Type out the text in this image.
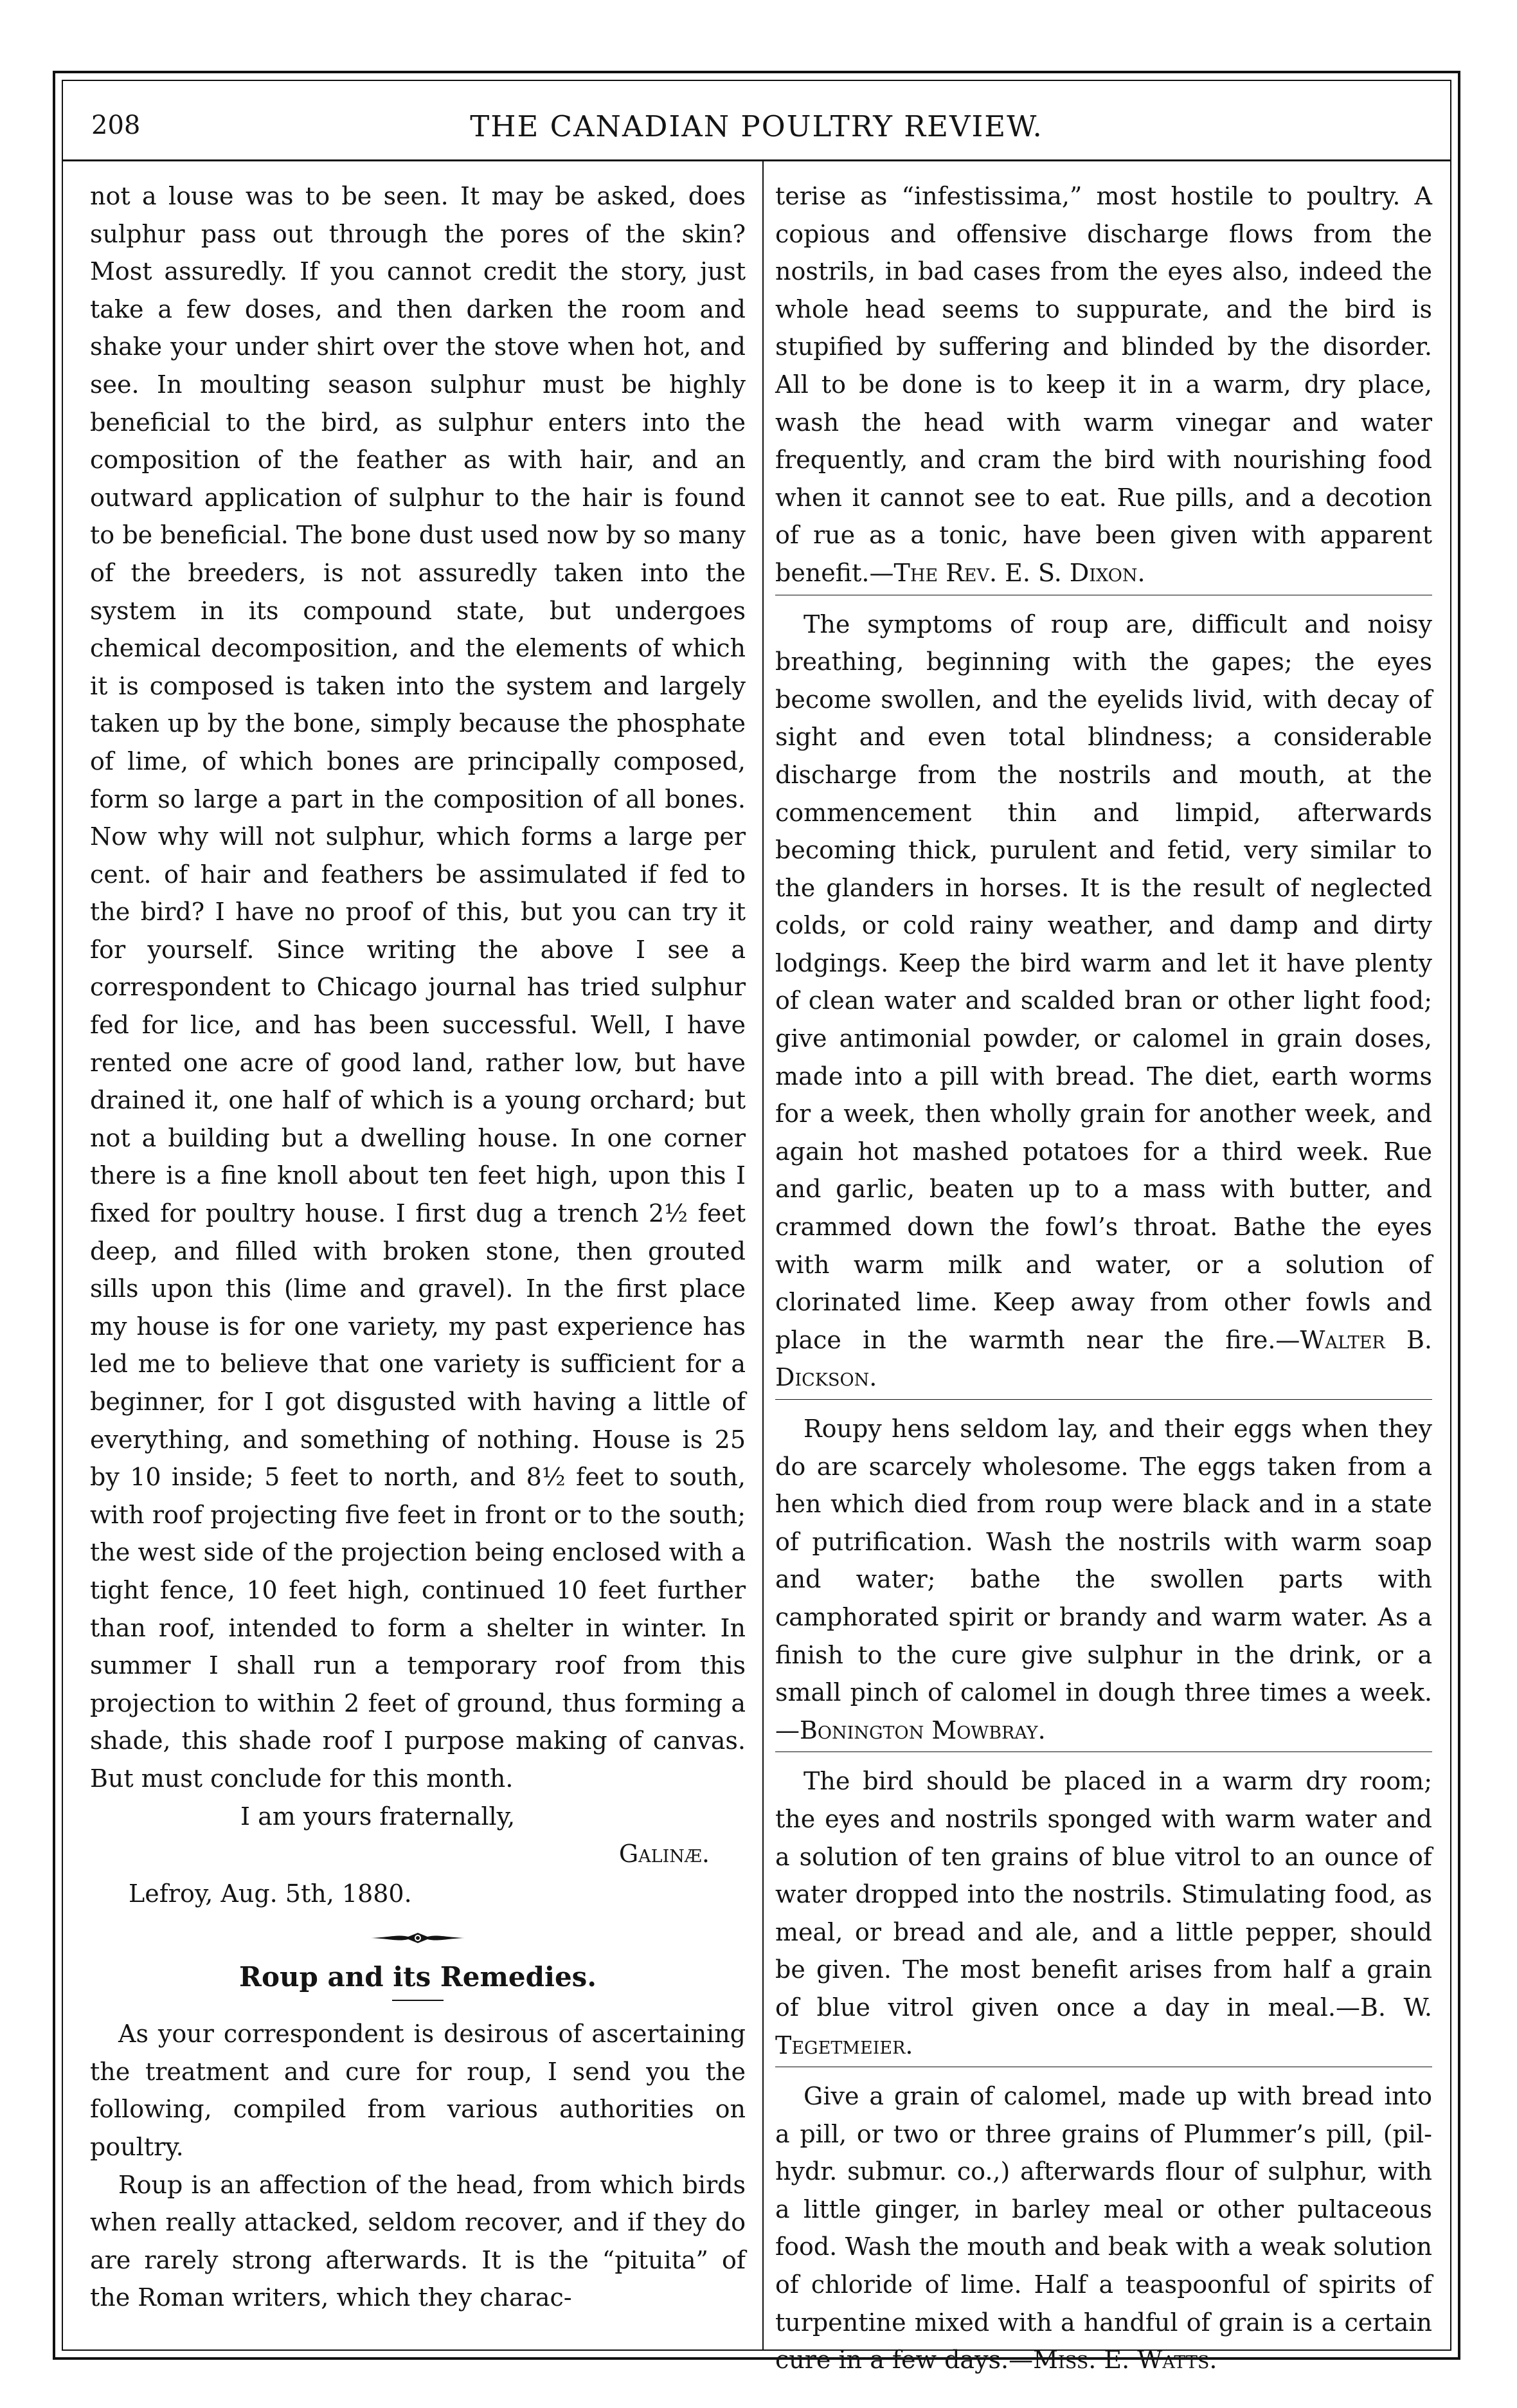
208	THE CANADIAN POULTRY REVIEW.

not a louse was to be seen. It may be asked, does sulphur pass out through the pores of the skin? Most assuredly. If you cannot credit the story, just take a few doses, and then darken the room and shake your under shirt over the stove when hot, and see. In moulting season sulphur must be highly beneficial to the bird, as sulphur enters into the composition of the feather as with hair, and an outward application of sulphur to the hair is found to be beneficial. The bone dust used now by so many of the breeders, is not assuredly taken into the system in its compound state, but undergoes chemical decomposition, and the elements of which it is composed is taken into the system and largely taken up by the bone, simply because the phosphate of lime, of which bones are principally composed, form so large a part in the composition of all bones. Now why will not sulphur, which forms a large per cent. of hair and feathers be assimulated if fed to the bird? I have no proof of this, but you can try it for yourself. Since writing the above I see a correspondent to Chicago journal has tried sulphur fed for lice, and has been successful. Well, I have rented one acre of good land, rather low, but have drained it, one half of which is a young orchard; but not a building but a dwelling house. In one corner there is a fine knoll about ten feet high, upon this I fixed for poultry house. I first dug a trench 2½ feet deep, and filled with broken stone, then grouted sills upon this (lime and gravel). In the first place my house is for one variety, my past experience has led me to believe that one variety is sufficient for a beginner, for I got disgusted with having a little of everything, and something of nothing. House is 25 by 10 inside; 5 feet to north, and 8½ feet to south, with roof projecting five feet in front or to the south; the west side of the projection being enclosed with a tight fence, 10 feet high, continued 10 feet further than roof, intended to form a shelter in winter. In summer I shall run a temporary roof from this projection to within 2 feet of ground, thus forming a shade, this shade roof I purpose making of canvas. But must conclude for this month.

I am yours fraternally,
Galinæ.
Lefroy, Aug. 5th, 1880.
Roup and its Remedies.

As your correspondent is desirous of ascertaining the treatment and cure for roup, I send you the following, compiled from various authorities on poultry.

Roup is an affection of the head, from which birds when really attacked, seldom recover, and if they do are rarely strong afterwards. It is the “pituita” of the Roman writers, which they charac-

terise as “infestissima,” most hostile to poultry. A copious and offensive discharge flows from the nostrils, in bad cases from the eyes also, indeed the whole head seems to suppurate, and the bird is stupified by suffering and blinded by the disorder. All to be done is to keep it in a warm, dry place, wash the head with warm vinegar and water frequently, and cram the bird with nourishing food when it cannot see to eat. Rue pills, and a decotion of rue as a tonic, have been given with apparent benefit.—The Rev. E. S. Dixon.

The symptoms of roup are, difficult and noisy breathing, beginning with the gapes; the eyes become swollen, and the eyelids livid, with decay of sight and even total blindness; a considerable discharge from the nostrils and mouth, at the commencement thin and limpid, afterwards becoming thick, purulent and fetid, very similar to the glanders in horses. It is the result of neglected colds, or cold rainy weather, and damp and dirty lodgings. Keep the bird warm and let it have plenty of clean water and scalded bran or other light food; give antimonial powder, or calomel in grain doses, made into a pill with bread. The diet, earth worms for a week, then wholly grain for another week, and again hot mashed potatoes for a third week. Rue and garlic, beaten up to a mass with butter, and crammed down the fowl’s throat. Bathe the eyes with warm milk and water, or a solution of clorinated lime. Keep away from other fowls and place in the warmth near the fire.—Walter B. Dickson.

Roupy hens seldom lay, and their eggs when they do are scarcely wholesome. The eggs taken from a hen which died from roup were black and in a state of putrification. Wash the nostrils with warm soap and water; bathe the swollen parts with camphorated spirit or brandy and warm water. As a finish to the cure give sulphur in the drink, or a small pinch of calomel in dough three times a week.—Bonington Mowbray.

The bird should be placed in a warm dry room; the eyes and nostrils sponged with warm water and a solution of ten grains of blue vitrol to an ounce of water dropped into the nostrils. Stimulating food, as meal, or bread and ale, and a little pepper, should be given. The most benefit arises from half a grain of blue vitrol given once a day in meal.—B. W. Tegetmeier.

Give a grain of calomel, made up with bread into a pill, or two or three grains of Plummer’s pill, (pil-hydr. submur. co.,) afterwards flour of sulphur, with a little ginger, in barley meal or other pultaceous food. Wash the mouth and beak with a weak solution of chloride of lime. Half a teaspoonful of spirits of turpentine mixed with a handful of grain is a certain cure in a few days.—Miss. E. Watts.
